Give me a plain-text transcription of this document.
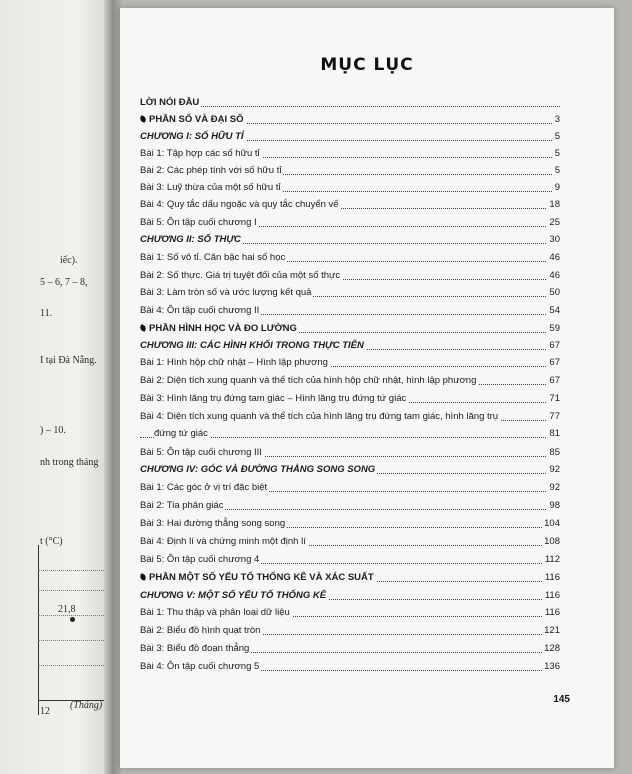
iếc).
5 – 6, 7 – 8,
11.
I tại Đà Nẵng.
) – 10.
nh trong tháng
t (°C)
21,8
12
(Tháng)
MỤC LỤC
LỜI NÓI ĐẦU
PHẦN SỐ VÀ ĐẠI SỐ	3
CHƯƠNG I: SỐ HỮU TỈ	5
Bài 1: Tập hợp các số hữu tỉ	5
Bài 2: Các phép tính với số hữu tỉ	5
Bài 3: Luỹ thừa của một số hữu tỉ	9
Bài 4: Quy tắc dấu ngoặc và quy tắc chuyển vế	18
Bài 5: Ôn tập cuối chương I	25
CHƯƠNG II: SỐ THỰC	30
Bài 1: Số vô tỉ. Căn bậc hai số học	46
Bài 2: Số thực. Giá trị tuyệt đối của một số thực	46
Bài 3: Làm tròn số và ước lượng kết quả	50
Bài 4: Ôn tập cuối chương II	54
PHẦN HÌNH HỌC VÀ ĐO LƯỜNG	59
CHƯƠNG III: CÁC HÌNH KHỐI TRONG THỰC TIỄN	67
Bài 1: Hình hộp chữ nhật – Hình lập phương	67
Bài 2: Diện tích xung quanh và thể tích của hình hộp chữ nhật, hình lập phương	67
Bài 3: Hình lăng trụ đứng tam giác – Hình lăng trụ đứng tứ giác	71
Bài 4: Diện tích xung quanh và thể tích của hình lăng trụ đứng tam giác, hình lăng trụ	77
đứng tứ giác	81
Bài 5: Ôn tập cuối chương III	85
CHƯƠNG IV: GÓC VÀ ĐƯỜNG THẲNG SONG SONG	92
Bài 1: Các góc ở vị trí đặc biệt	92
Bài 2: Tia phân giác	98
Bài 3: Hai đường thẳng song song	104
Bài 4: Định lí và chứng minh một định lí	108
Bài 5: Ôn tập cuối chương 4	112
PHẦN MỘT SỐ YẾU TỐ THỐNG KÊ VÀ XÁC SUẤT	116
CHƯƠNG V: MỘT SỐ YẾU TỐ THỐNG KÊ	116
Bài 1: Thu thập và phân loại dữ liệu	116
Bài 2: Biểu đồ hình quạt tròn	121
Bài 3: Biểu đồ đoạn thẳng	128
Bài 4: Ôn tập cuối chương 5	136
145
